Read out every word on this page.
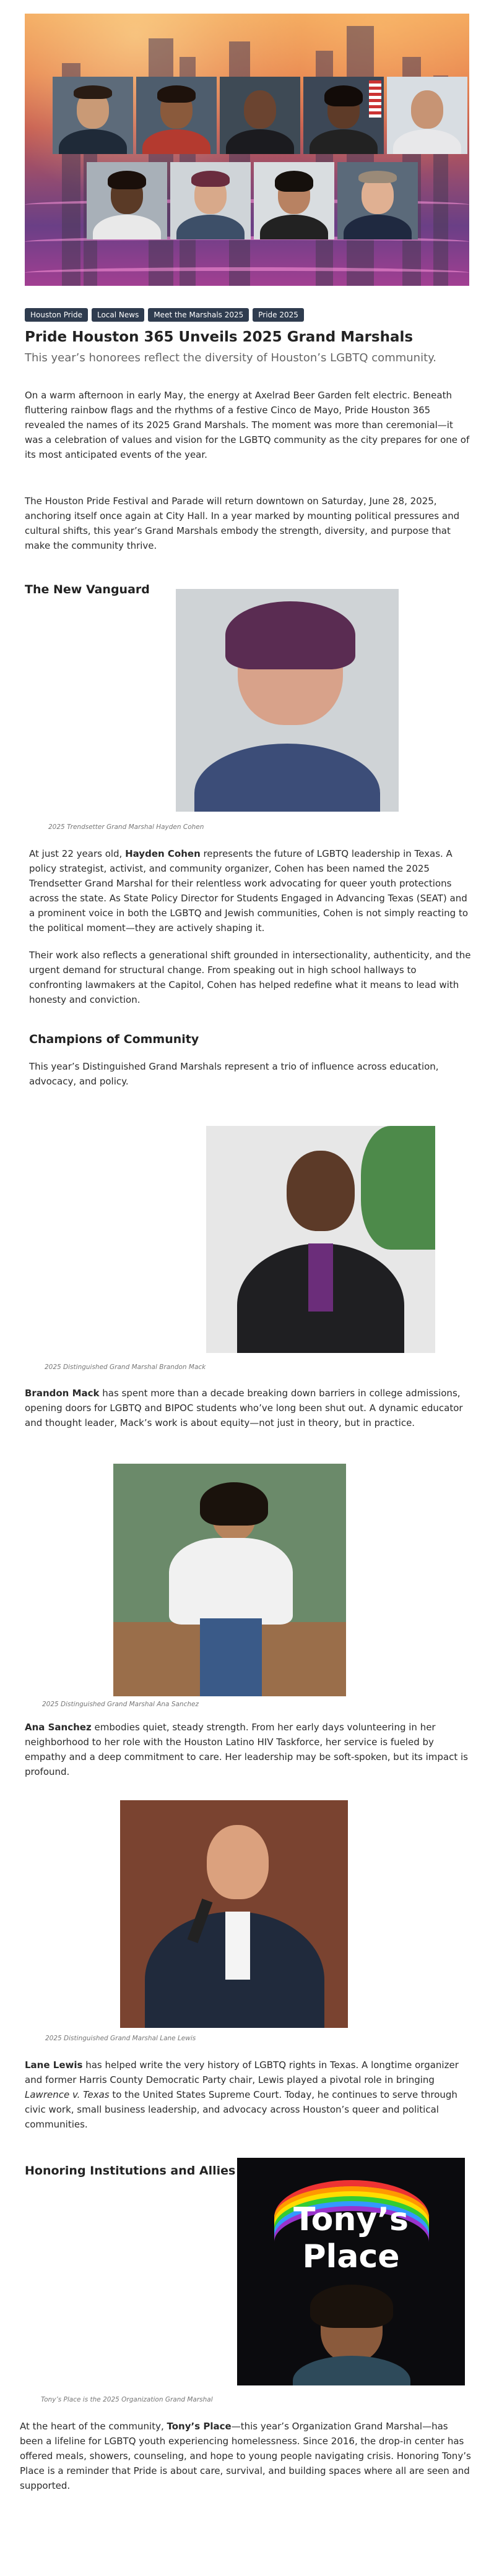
Houston Pride	Local News	Meet the Marshals 2025	Pride 2025
Pride Houston 365 Unveils 2025 Grand Marshals
This year’s honorees reflect the diversity of Houston’s LGBTQ community.
On a warm afternoon in early May, the energy at Axelrad Beer Garden felt electric. Beneath fluttering rainbow flags and the rhythms of a festive Cinco de Mayo, Pride Houston 365 revealed the names of its 2025 Grand Marshals. The moment was more than ceremonial—it was a celebration of values and vision for the LGBTQ community as the city prepares for one of its most anticipated events of the year.
The Houston Pride Festival and Parade will return downtown on Saturday, June 28, 2025, anchoring itself once again at City Hall. In a year marked by mounting political pressures and cultural shifts, this year’s Grand Marshals embody the strength, diversity, and purpose that make the community thrive.
The New Vanguard
2025 Trendsetter Grand Marshal Hayden Cohen
At just 22 years old, Hayden Cohen represents the future of LGBTQ leadership in Texas. A policy strategist, activist, and community organizer, Cohen has been named the 2025 Trendsetter Grand Marshal for their relentless work advocating for queer youth protections across the state. As State Policy Director for Students Engaged in Advancing Texas (SEAT) and a prominent voice in both the LGBTQ and Jewish communities, Cohen is not simply reacting to the political moment—they are actively shaping it.
Their work also reflects a generational shift grounded in intersectionality, authenticity, and the urgent demand for structural change. From speaking out in high school hallways to confronting lawmakers at the Capitol, Cohen has helped redefine what it means to lead with honesty and conviction.
Champions of Community
This year’s Distinguished Grand Marshals represent a trio of influence across education, advocacy, and policy.
2025 Distinguished Grand Marshal Brandon Mack
Brandon Mack has spent more than a decade breaking down barriers in college admissions, opening doors for LGBTQ and BIPOC students who’ve long been shut out. A dynamic educator and thought leader, Mack’s work is about equity—not just in theory, but in practice.
2025 Distinguished Grand Marshal Ana Sanchez
Ana Sanchez embodies quiet, steady strength. From her early days volunteering in her neighborhood to her role with the Houston Latino HIV Taskforce, her service is fueled by empathy and a deep commitment to care. Her leadership may be soft-spoken, but its impact is profound.
2025 Distinguished Grand Marshal Lane Lewis
Lane Lewis has helped write the very history of LGBTQ rights in Texas. A longtime organizer and former Harris County Democratic Party chair, Lewis played a pivotal role in bringing Lawrence v. Texas to the United States Supreme Court. Today, he continues to serve through civic work, small business leadership, and advocacy across Houston’s queer and political communities.
Honoring Institutions and Allies
Tony’s
Place
Tony’s Place is the 2025 Organization Grand Marshal
At the heart of the community, Tony’s Place—this year’s Organization Grand Marshal—has been a lifeline for LGBTQ youth experiencing homelessness. Since 2016, the drop-in center has offered meals, showers, counseling, and hope to young people navigating crisis. Honoring Tony’s Place is a reminder that Pride is about care, survival, and building spaces where all are seen and supported.
